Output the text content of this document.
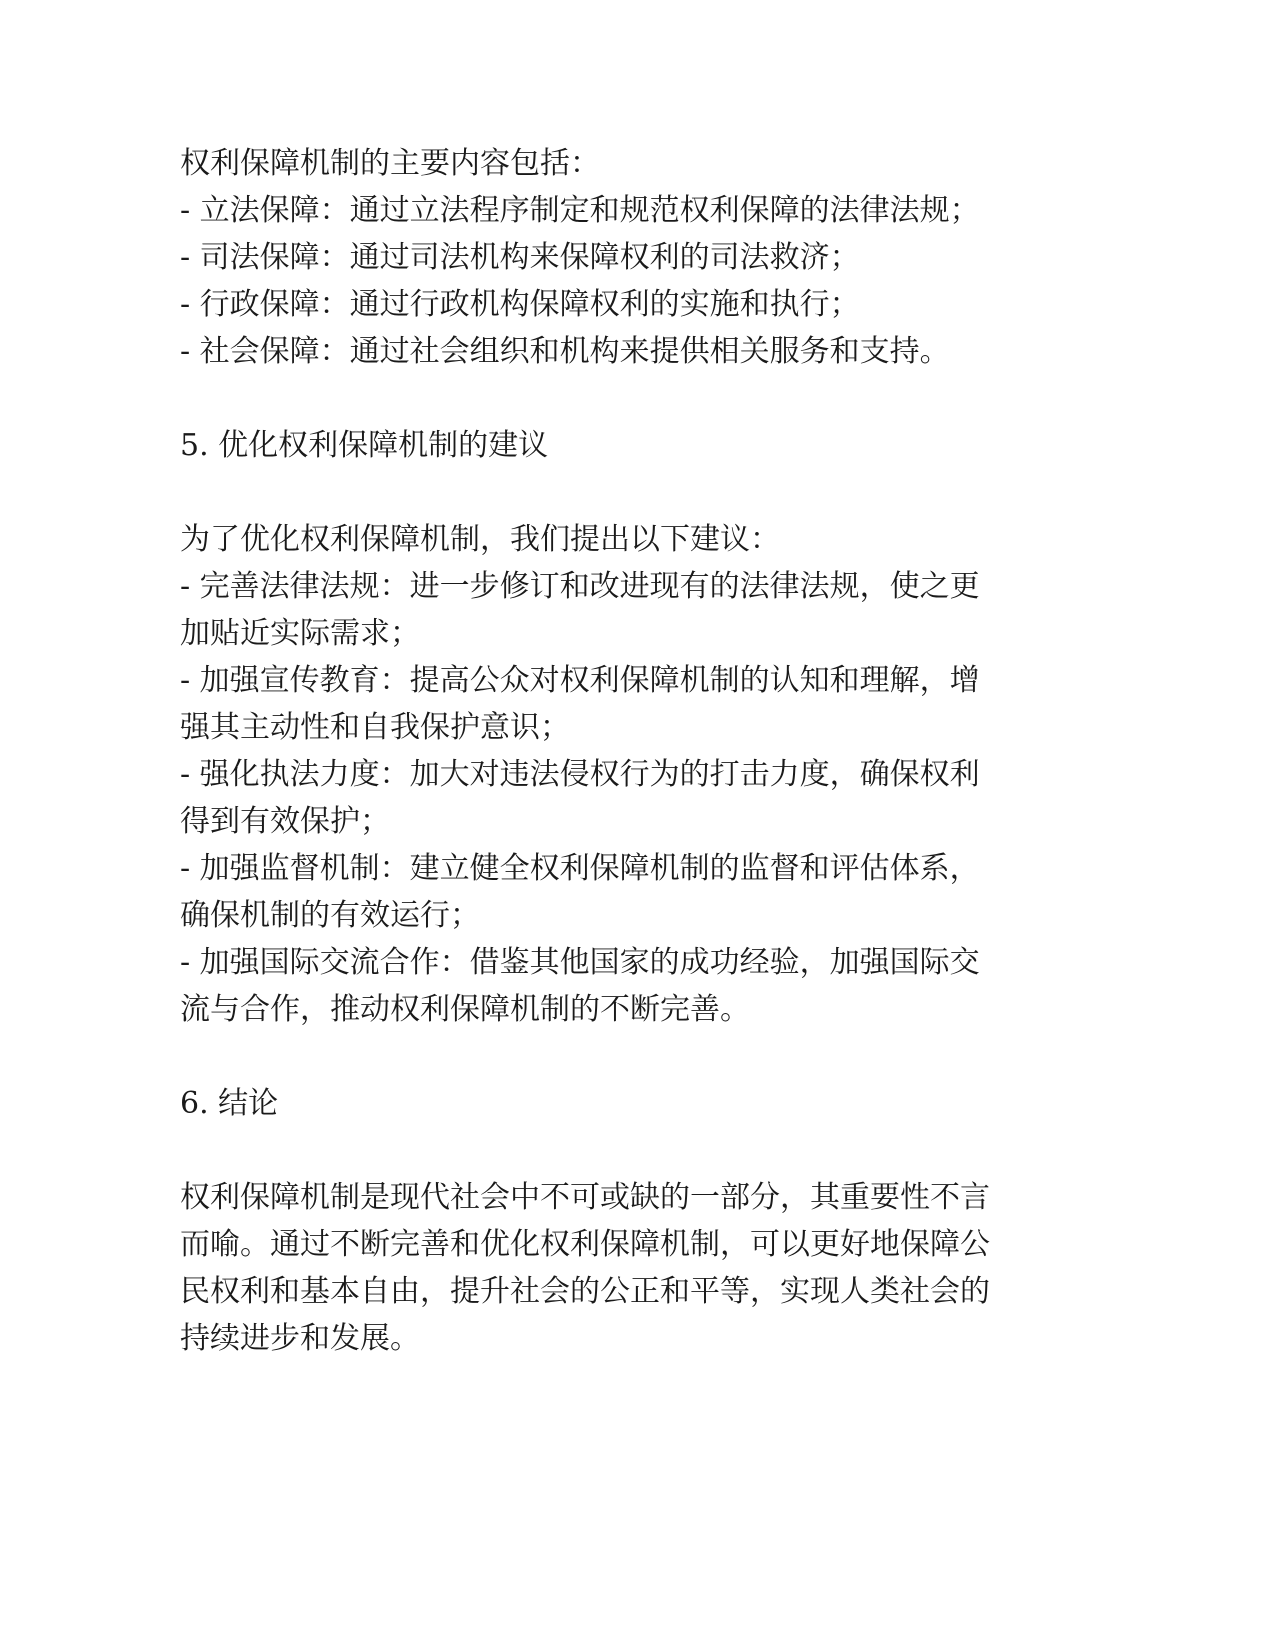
权利保障机制的主要内容包括：

- 立法保障：通过立法程序制定和规范权利保障的法律法规；

- 司法保障：通过司法机构来保障权利的司法救济；

- 行政保障：通过行政机构保障权利的实施和执行；

- 社会保障：通过社会组织和机构来提供相关服务和支持。

5. 优化权利保障机制的建议

为了优化权利保障机制，我们提出以下建议：

- 完善法律法规：进一步修订和改进现有的法律法规，使之更

加贴近实际需求；

- 加强宣传教育：提高公众对权利保障机制的认知和理解，增

强其主动性和自我保护意识；

- 强化执法力度：加大对违法侵权行为的打击力度，确保权利

得到有效保护；

- 加强监督机制：建立健全权利保障机制的监督和评估体系，

确保机制的有效运行；

- 加强国际交流合作：借鉴其他国家的成功经验，加强国际交

流与合作，推动权利保障机制的不断完善。

6. 结论

权利保障机制是现代社会中不可或缺的一部分，其重要性不言

而喻。通过不断完善和优化权利保障机制，可以更好地保障公

民权利和基本自由，提升社会的公正和平等，实现人类社会的

持续进步和发展。
